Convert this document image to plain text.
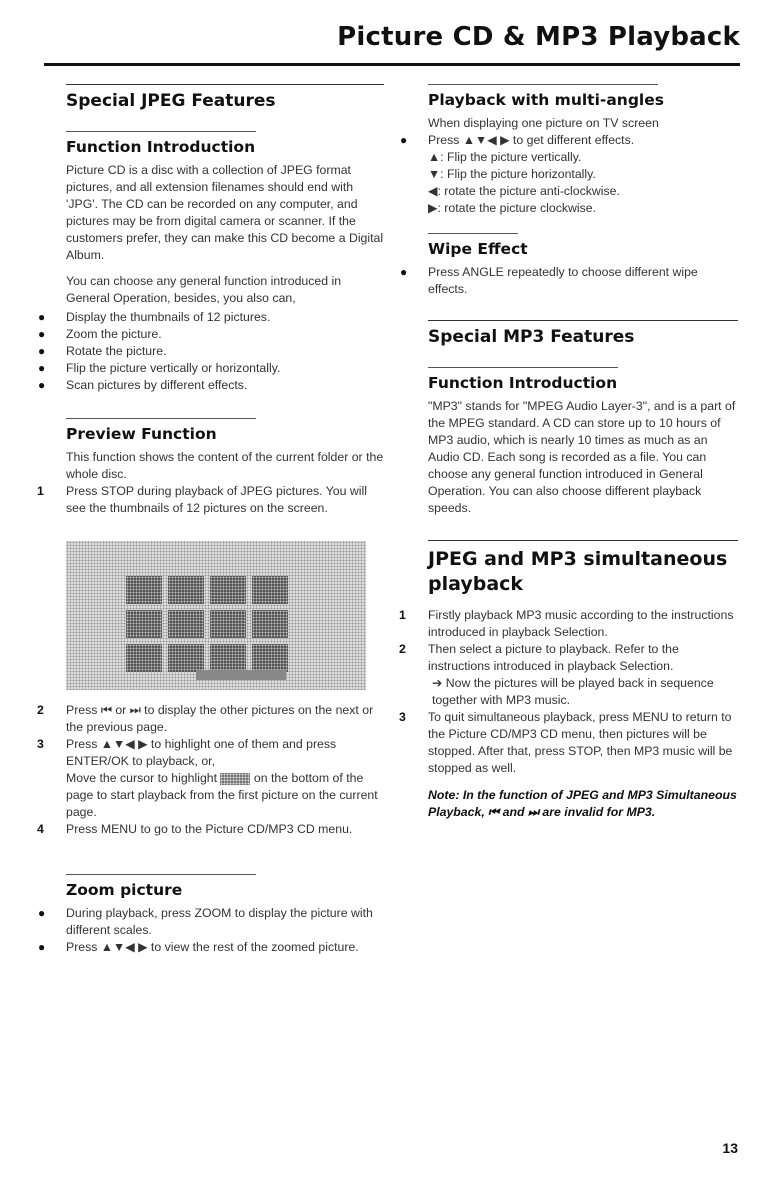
Picture CD & MP3 Playback
Special JPEG Features
Function Introduction

Picture CD is a disc with a collection of JPEG format pictures, and all extension filenames should end with 'JPG'. The CD can be recorded on any computer, and pictures may be from digital camera or scanner. If the customers prefer, they can make this CD become a Digital Album.

You can choose any general function introduced in General Operation, besides, you also can,

● Display the thumbnails of 12 pictures.
● Zoom the picture.
● Rotate the picture.
● Flip the picture vertically or horizontally.
● Scan pictures by different effects.
Preview Function

This function shows the content of the current folder or the whole disc.

1 Press STOP during playback of JPEG pictures. You will see the thumbnails of 12 pictures on the screen.
2 Press ⏮ or ⏭ to display the other pictures on the next or the previous page.
3 Press ▲▼◀ ▶ to highlight one of them and press ENTER/OK to playback, or,
Move the cursor to highlight	on the bottom of the page to start playback from the first picture on the current page.
4 Press MENU to go to the Picture CD/MP3 CD menu.
Zoom picture
● During playback, press ZOOM to display the picture with different scales.
● Press ▲▼◀ ▶ to view the rest of the zoomed picture.
Playback with multi-angles

When displaying one picture on TV screen

● Press ▲▼◀ ▶ to get different effects.
▲: Flip the picture vertically.
▼: Flip the picture horizontally.
◀: rotate the picture anti-clockwise.
▶: rotate the picture clockwise.
Wipe Effect
● Press ANGLE repeatedly to choose different wipe effects.
Special MP3 Features
Function Introduction

"MP3" stands for "MPEG Audio Layer-3", and is a part of the MPEG standard. A CD can store up to 10 hours of MP3 audio, which is nearly 10 times as much as an Audio CD. Each song is recorded as a file. You can choose any general function introduced in General Operation. You can also choose different playback speeds.

JPEG and MP3 simultaneous playback
1 Firstly playback MP3 music according to the instructions introduced in playback Selection.
2 Then select a picture to playback. Refer to the instructions introduced in playback Selection.
➔ Now the pictures will be played back in sequence together with MP3 music.
3 To quit simultaneous playback, press MENU to return to the Picture CD/MP3 CD menu, then pictures will be stopped. After that, press STOP, then MP3 music will be stopped as well.
Note: In the function of JPEG and MP3 Simultaneous Playback, ⏮ and ⏭ are invalid for MP3.
13
